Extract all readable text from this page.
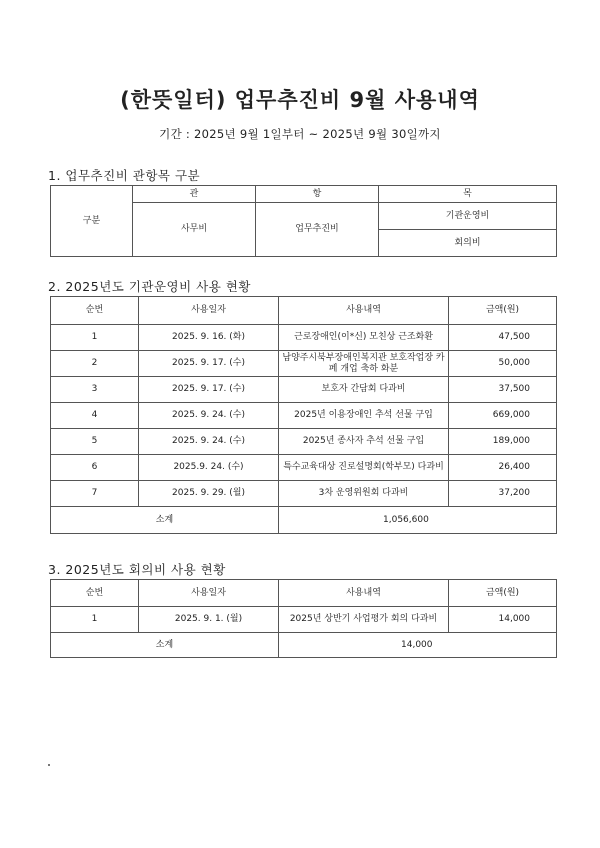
(한뜻일터) 업무추진비 9월 사용내역
기간 : 2025년 9월 1일부터 ~ 2025년 9월 30일까지
1. 업무추진비 관항목 구분
구분	관	항	목
	사무비	업무추진비	기관운영비
			회의비
2. 2025년도 기관운영비 사용 현황
순번	사용일자	사용내역	금액(원)
1	2025. 9. 16. (화)	근로장애인(이*신) 모친상 근조화환	47,500
2	2025. 9. 17. (수)	남양주시북부장애인복지관 보호작업장 카페 개업 축하 화분	50,000
3	2025. 9. 17. (수)	보호자 간담회 다과비	37,500
4	2025. 9. 24. (수)	2025년 이용장애인 추석 선물 구입	669,000
5	2025. 9. 24. (수)	2025년 종사자 추석 선물 구입	189,000
6	2025.9. 24. (수)	특수교육대상 진로설명회(학부모) 다과비	26,400
7	2025. 9. 29. (월)	3차 운영위원회 다과비	37,200
소계		1,056,600	
3. 2025년도 회의비 사용 현황
순번	사용일자	사용내역	금액(원)
1	2025. 9. 1. (월)	2025년 상반기 사업평가 회의 다과비	14,000
소계		14,000	
